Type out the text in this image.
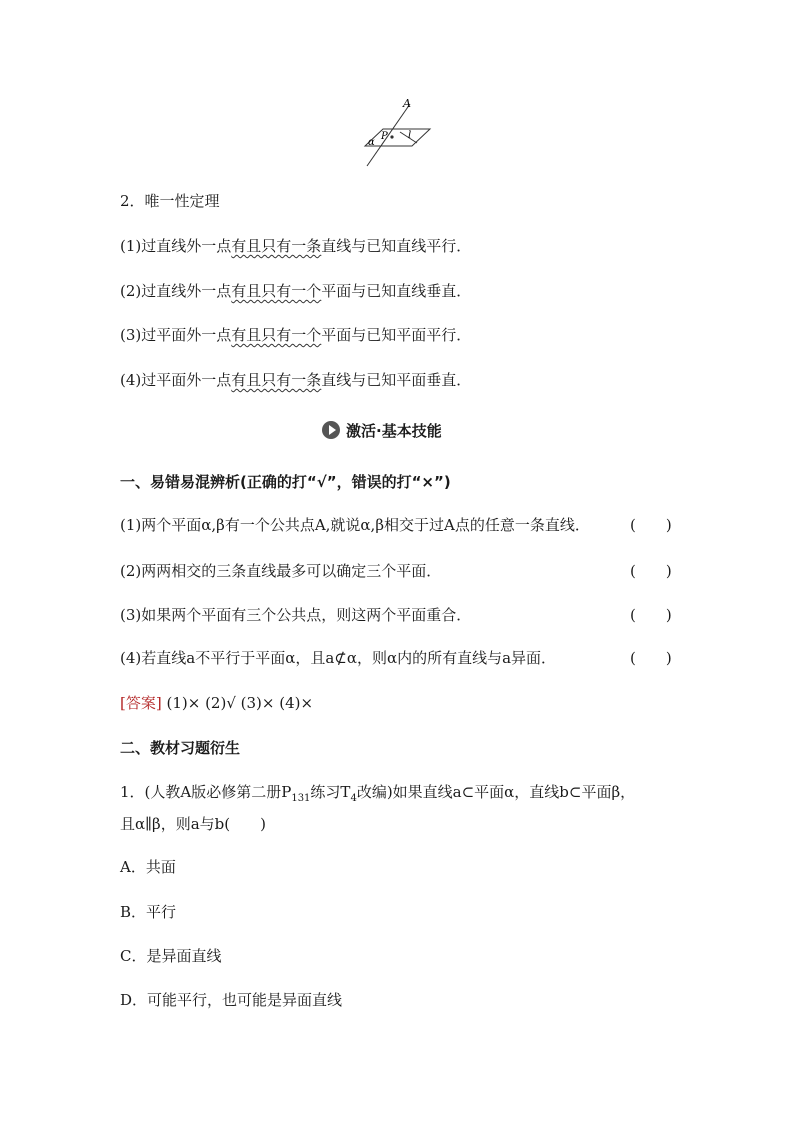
A
P
α
l
2．唯一性定理
(1)过直线外一点有且只有一条直线与已知直线平行．
(2)过直线外一点有且只有一个平面与已知直线垂直．
(3)过平面外一点有且只有一个平面与已知平面平行．
(4)过平面外一点有且只有一条直线与已知平面垂直．
激活·基本技能
一、易错易混辨析(正确的打“√”，错误的打“×”)
(1)两个平面α,β有一个公共点A,就说α,β相交于过A点的任意一条直线．	(　　)
(2)两两相交的三条直线最多可以确定三个平面．	(　　)
(3)如果两个平面有三个公共点，则这两个平面重合．	(　　)
(4)若直线a不平行于平面α，且a⊄α，则α内的所有直线与a异面．	(　　)
[答案] (1)× (2)√ (3)× (4)×
二、教材习题衍生
1．(人教A版必修第二册$P_{131}$练习$T_4$改编)如果直线a⊂平面α，直线b⊂平面β，
且α∥β，则a与b(　　)
A．共面
B．平行
C．是异面直线
D．可能平行，也可能是异面直线
